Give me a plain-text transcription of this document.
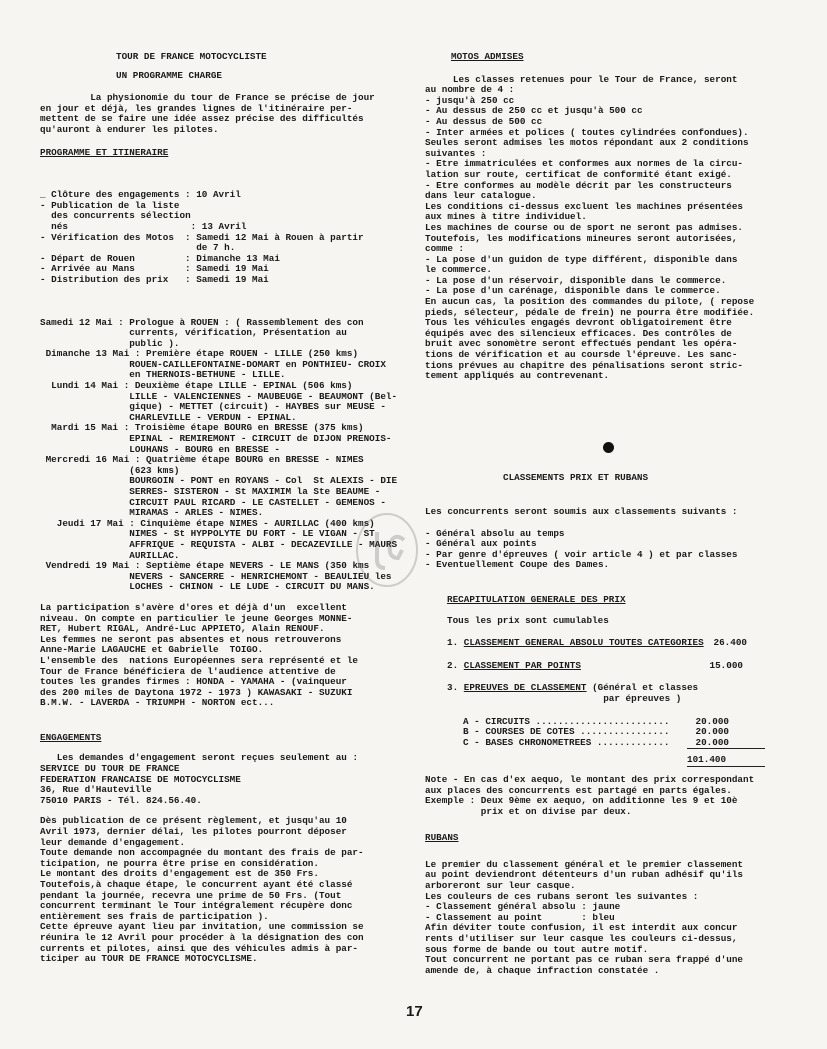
TOUR DE FRANCE MOTOCYCLISTE
UN PROGRAMME CHARGE
La physionomie du tour de France se précise de jour
en jour et déjà, les grandes lignes de l'itinéraire per-
mettent de se faire une idée assez précise des difficultés
qu'auront à endurer les pilotes.
PROGRAMME ET ITINERAIRE
_ Clôture des engagements : 10 Avril
- Publication de la liste
des concurrents sélection
nés                      : 13 Avril
- Vérification des Motos  : Samedi 12 Mai à Rouen à partir
de 7 h.
- Départ de Rouen         : Dimanche 13 Mai
- Arrivée au Mans         : Samedi 19 Mai
- Distribution des prix   : Samedi 19 Mai
Samedi 12 Mai : Prologue à ROUEN : ( Rassemblement des con
currents, vérification, Présentation au
public ).
Dimanche 13 Mai : Première étape ROUEN - LILLE (250 kms)
ROUEN-CAILLEFONTAINE-DOMART en PONTHIEU- CROIX
en THERNOIS-BETHUNE - LILLE.
Lundi 14 Mai : Deuxième étape LILLE - EPINAL (506 kms)
LILLE - VALENCIENNES - MAUBEUGE - BEAUMONT (Bel-
gique) - METTET (circuit) - HAYBES sur MEUSE -
CHARLEVILLE - VERDUN - EPINAL.
Mardi 15 Mai : Troisième étape BOURG en BRESSE (375 kms)
EPINAL - REMIREMONT - CIRCUIT de DIJON PRENOIS-
LOUHANS - BOURG en BRESSE -
Mercredi 16 Mai : Quatrième étape BOURG en BRESSE - NIMES
(623 kms)
BOURGOIN - PONT en ROYANS - Col  St ALEXIS - DIE
SERRES- SISTERON - St MAXIMIM la Ste BEAUME -
CIRCUIT PAUL RICARD - LE CASTELLET - GEMENOS -
MIRAMAS - ARLES - NIMES.
Jeudi 17 Mai : Cinquième étape NIMES - AURILLAC (400 kms)
NIMES - St HYPPOLYTE DU FORT - LE VIGAN - ST
AFFRIQUE - REQUISTA - ALBI - DECAZEVILLE - MAURS
AURILLAC.
Vendredi 19 Mai : Septième étape NEVERS - LE MANS (350 kms
NEVERS - SANCERRE - HENRICHEMONT - BEAULIEU les
LOCHES - CHINON - LE LUDE - CIRCUIT DU MANS.
La participation s'avère d'ores et déjà d'un  excellent
niveau. On compte en particulier le jeune Georges MONNE-
RET, Hubert RIGAL, André-Luc APPIETO, Alain RENOUF.
Les femmes ne seront pas absentes et nous retrouverons
Anne-Marie LAGAUCHE et Gabrielle  TOIGO.
L'ensemble des  nations Européennes sera représenté et le
Tour de France bénéficiera de l'audience attentive de
toutes les grandes firmes : HONDA - YAMAHA - (vainqueur
des 200 miles de Daytona 1972 - 1973 ) KAWASAKI - SUZUKI
B.M.W. - LAVERDA - TRIUMPH - NORTON ect...
ENGAGEMENTS
Les demandes d'engagement seront reçues seulement au :
SERVICE DU TOUR DE FRANCE
FEDERATION FRANCAISE DE MOTOCYCLISME
36, Rue d'Hauteville
75010 PARIS - Tél. 824.56.40.
Dès publication de ce présent règlement, et jusqu'au 10
Avril 1973, dernier délai, les pilotes pourront déposer
leur demande d'engagement.
Toute demande non accompagnée du montant des frais de par-
ticipation, ne pourra être prise en considération.
Le montant des droits d'engagement est de 350 Frs.
Toutefois,à chaque étape, le concurrent ayant été classé
pendant la journée, recevra une prime de 50 Frs. (Tout
concurrent terminant le Tour intégralement récupère donc
entièrement ses frais de participation ).
Cette épreuve ayant lieu par invitation, une commission se
réunira le 12 Avril pour procéder à la désignation des con
currents et pilotes, ainsi que des véhicules admis à par-
ticiper au TOUR DE FRANCE MOTOCYCLISME.
MOTOS ADMISES
Les classes retenues pour le Tour de France, seront
au nombre de 4 :
- jusqu'à 250 cc
- Au dessus de 250 cc et jusqu'à 500 cc
- Au dessus de 500 cc
- Inter armées et polices ( toutes cylindrées confondues).
Seules seront admises les motos répondant aux 2 conditions
suivantes :
- Etre immatriculées et conformes aux normes de la circu-
lation sur route, certificat de conformité étant exigé.
- Etre conformes au modèle décrit par les constructeurs
dans leur catalogue.
Les conditions ci-dessus excluent les machines présentées
aux mines à titre individuel.
Les machines de course ou de sport ne seront pas admises.
Toutefois, les modifications mineures seront autorisées,
comme :
- La pose d'un guidon de type différent, disponible dans
le commerce.
- La pose d'un réservoir, disponible dans le commerce.
- La pose d'un carénage, disponible dans le commerce.
En aucun cas, la position des commandes du pilote, ( repose
pieds, sélecteur, pédale de frein) ne pourra être modifiée.
Tous les véhicules engagés devront obligatoirement être
équipés avec des silencieux efficaces. Des contrôles de
bruit avec sonomètre seront effectués pendant les opéra-
tions de vérification et au coursde l'épreuve. Les sanc-
tions prévues au chapitre des pénalisations seront stric-
tement appliqués au contrevenant.
CLASSEMENTS PRIX ET RUBANS
Les concurrents seront soumis aux classements suivants :

- Général absolu au temps
- Général aux points
- Par genre d'épreuves ( voir article 4 ) et par classes
- Eventuellement Coupe des Dames.
RECAPITULATION GENERALE DES PRIX
Tous les prix sont cumulables
1. CLASSEMENT GENERAL ABSOLU TOUTES CATEGORIES 26.400
2. CLASSEMENT PAR POINTS	15.000
3. EPREUVES DE CLASSEMENT (Général et classes
par épreuves )
A - CIRCUITS ........................	20.000
B - COURSES DE COTES ................	20.000
C - BASES CHRONOMETREES .............	20.000
101.400
Note - En cas d'ex aequo, le montant des prix correspondant
aux places des concurrents est partagé en parts égales.
Exemple : Deux 9ème ex aequo, on additionne les 9 et 10è
prix et on divise par deux.
RUBANS
Le premier du classement général et le premier classement
au point deviendront détenteurs d'un ruban adhésif qu'ils
arboreront sur leur casque.
Les couleurs de ces rubans seront les suivantes :
- Classement général absolu : jaune
- Classement au point       : bleu
Afin déviter toute confusion, il est interdit aux concur
rents d'utiliser sur leur casque les couleurs ci-dessus,
sous forme de bande ou tout autre motif.
Tout concurrent ne portant pas ce ruban sera frappé d'une
amende de, à chaque infraction constatée .
17
